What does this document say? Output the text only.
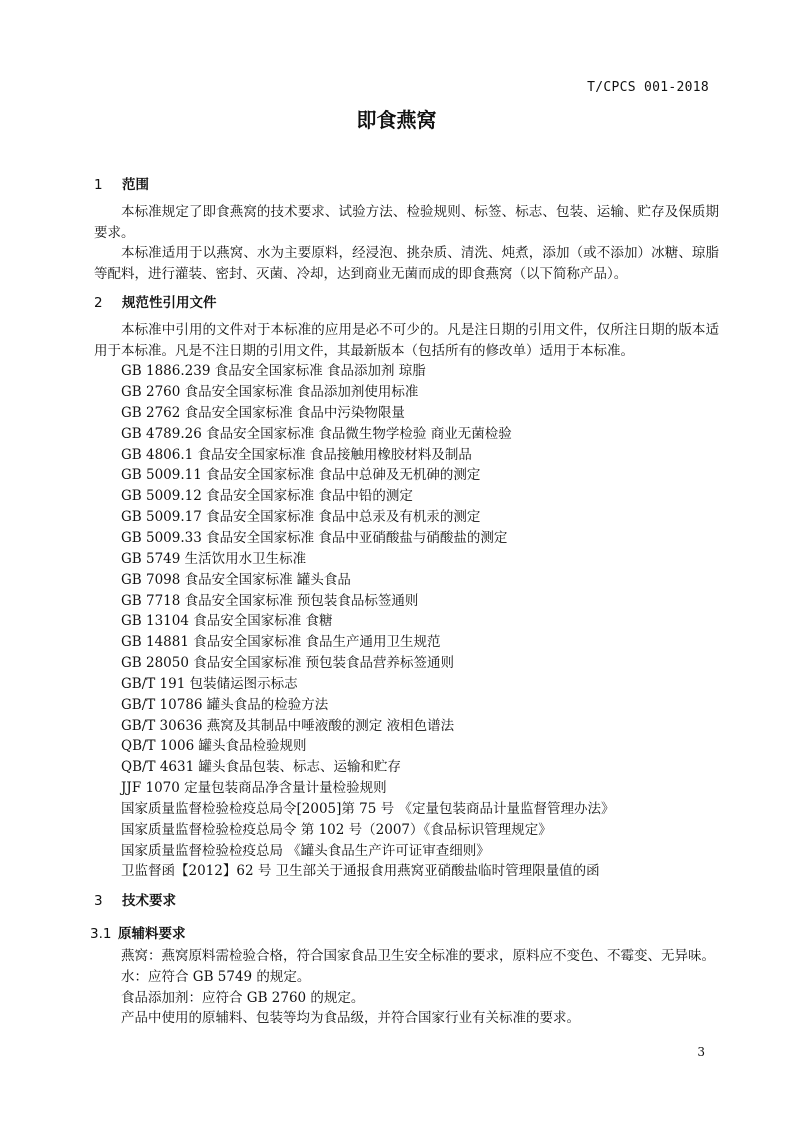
T/CPCS 001-2018
即食燕窝
1 范围

本标准规定了即食燕窝的技术要求、试验方法、检验规则、标签、标志、包装、运输、贮存及保质期要求。

本标准适用于以燕窝、水为主要原料，经浸泡、挑杂质、清洗、炖煮，添加（或不添加）冰糖、琼脂等配料，进行灌装、密封、灭菌、冷却，达到商业无菌而成的即食燕窝（以下简称产品）。

2 规范性引用文件

本标准中引用的文件对于本标准的应用是必不可少的。凡是注日期的引用文件，仅所注日期的版本适用于本标准。凡是不注日期的引用文件，其最新版本（包括所有的修改单）适用于本标准。

GB 1886.239 食品安全国家标准 食品添加剂 琼脂
GB 2760 食品安全国家标准 食品添加剂使用标准
GB 2762 食品安全国家标准 食品中污染物限量
GB 4789.26 食品安全国家标准 食品微生物学检验 商业无菌检验
GB 4806.1 食品安全国家标准 食品接触用橡胶材料及制品
GB 5009.11 食品安全国家标准 食品中总砷及无机砷的测定
GB 5009.12 食品安全国家标准 食品中铅的测定
GB 5009.17 食品安全国家标准 食品中总汞及有机汞的测定
GB 5009.33 食品安全国家标准 食品中亚硝酸盐与硝酸盐的测定
GB 5749 生活饮用水卫生标准
GB 7098 食品安全国家标准 罐头食品
GB 7718 食品安全国家标准 预包装食品标签通则
GB 13104 食品安全国家标准 食糖
GB 14881 食品安全国家标准 食品生产通用卫生规范
GB 28050 食品安全国家标准 预包装食品营养标签通则
GB/T 191 包装储运图示标志
GB/T 10786 罐头食品的检验方法
GB/T 30636 燕窝及其制品中唾液酸的测定 液相色谱法
QB/T 1006 罐头食品检验规则
QB/T 4631 罐头食品包装、标志、运输和贮存
JJF 1070 定量包装商品净含量计量检验规则
国家质量监督检验检疫总局令[2005]第 75 号 《定量包装商品计量监督管理办法》
国家质量监督检验检疫总局令 第 102 号（2007）《食品标识管理规定》
国家质量监督检验检疫总局 《罐头食品生产许可证审查细则》
卫监督函【2012】62 号 卫生部关于通报食用燕窝亚硝酸盐临时管理限量值的函
3 技术要求
3.1 原辅料要求

燕窝：燕窝原料需检验合格，符合国家食品卫生安全标准的要求，原料应不变色、不霉变、无异味。

水：应符合 GB 5749 的规定。

食品添加剂：应符合 GB 2760 的规定。

产品中使用的原辅料、包装等均为食品级，并符合国家行业有关标准的要求。

3
